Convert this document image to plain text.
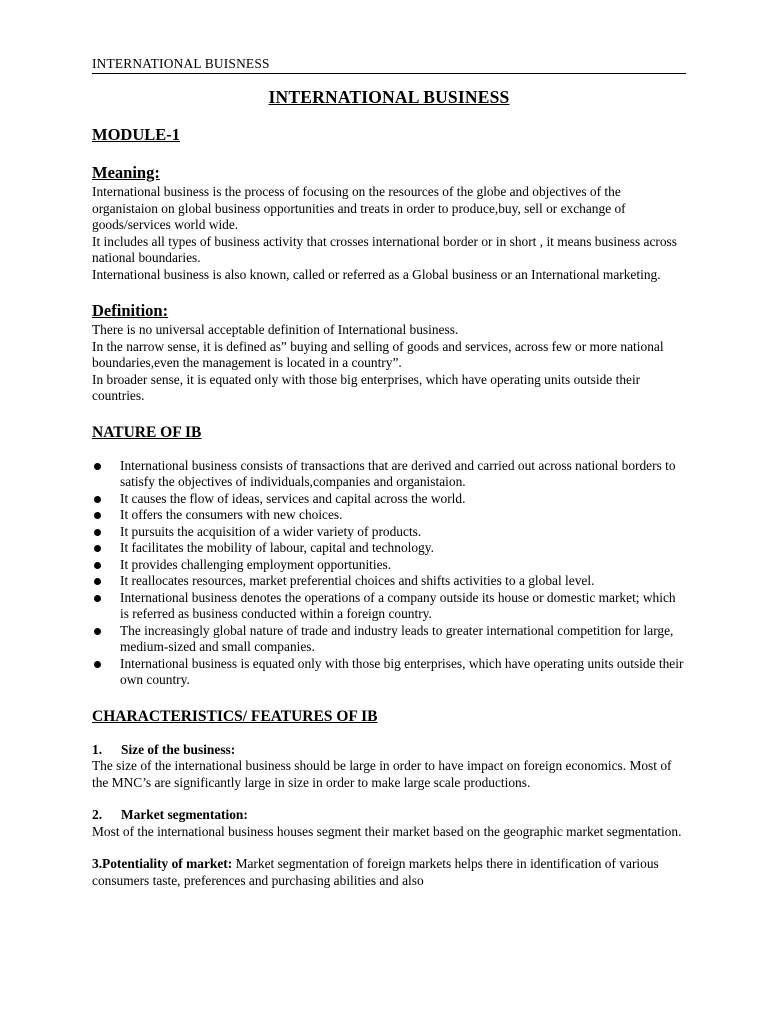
INTERNATIONAL BUISNESS
INTERNATIONAL BUSINESS
MODULE-1
Meaning:

International business is the process of focusing on the resources of the globe and objectives of the organistaion on global business opportunities and treats in order to produce,buy, sell or exchange of goods/services world wide.

It includes all types of business activity that crosses international border or in short , it means business across national boundaries.

International business is also known, called or referred as a Global business or an International marketing.

Definition:

There is no universal acceptable definition of International business.

In the narrow sense, it is defined as” buying and selling of goods and services, across few or more national boundaries,even the management is located in a country”.

In broader sense, it is equated only with those big enterprises, which have operating units outside their countries.

NATURE OF IB
International business consists of transactions that are derived and carried out across national borders to satisfy the objectives of individuals,companies and organistaion.
It causes the flow of ideas, services and capital across the world.
It offers the consumers with new choices.
It pursuits the acquisition of a wider variety of products.
It facilitates the mobility of labour, capital and technology.
It provides challenging employment opportunities.
It reallocates resources, market preferential choices and shifts activities to a global level.
International business denotes the operations of a company outside its house or domestic market; which is referred as business conducted within a foreign country.
The increasingly global nature of trade and industry leads to greater international competition for large, medium-sized and small companies.
International business is equated only with those big enterprises, which have operating units outside their own country.
CHARACTERISTICS/ FEATURES OF IB
1. Size of the business:

The size of the international business should be large in order to have impact on foreign economics. Most of the MNC’s are significantly large in size in order to make large scale productions.

2. Market segmentation:

Most of the international business houses segment their market based on the geographic market segmentation.

3.Potentiality of market: Market segmentation of foreign markets helps there in identification of various consumers taste, preferences and purchasing abilities and also
